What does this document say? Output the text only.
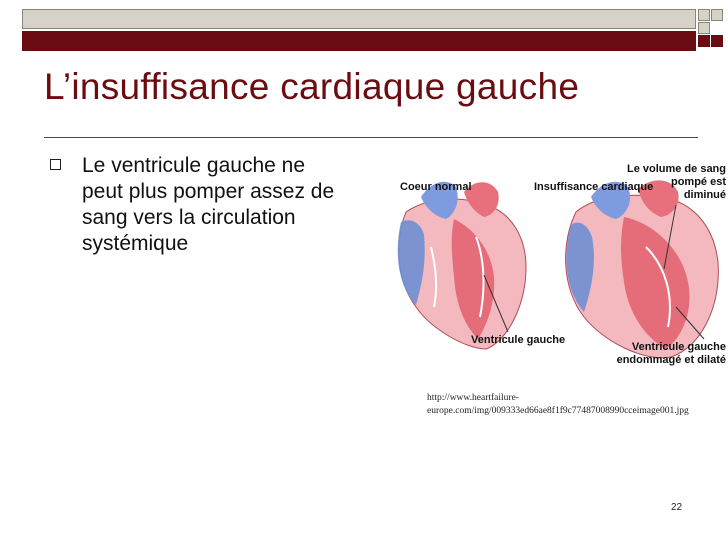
L’insuffisance cardiaque gauche
Le ventricule gauche ne peut plus pomper assez de sang vers la circulation systémique
Coeur normal	Insuffisance cardiaque
Le volume de sang
pompé est
diminué
Ventricule gauche
Ventricule gauche
endommagé et dilaté
http://www.heartfailure-
europe.com/img/009333ed66ae8f1f9c77487008990cceimage001.jpg
22
